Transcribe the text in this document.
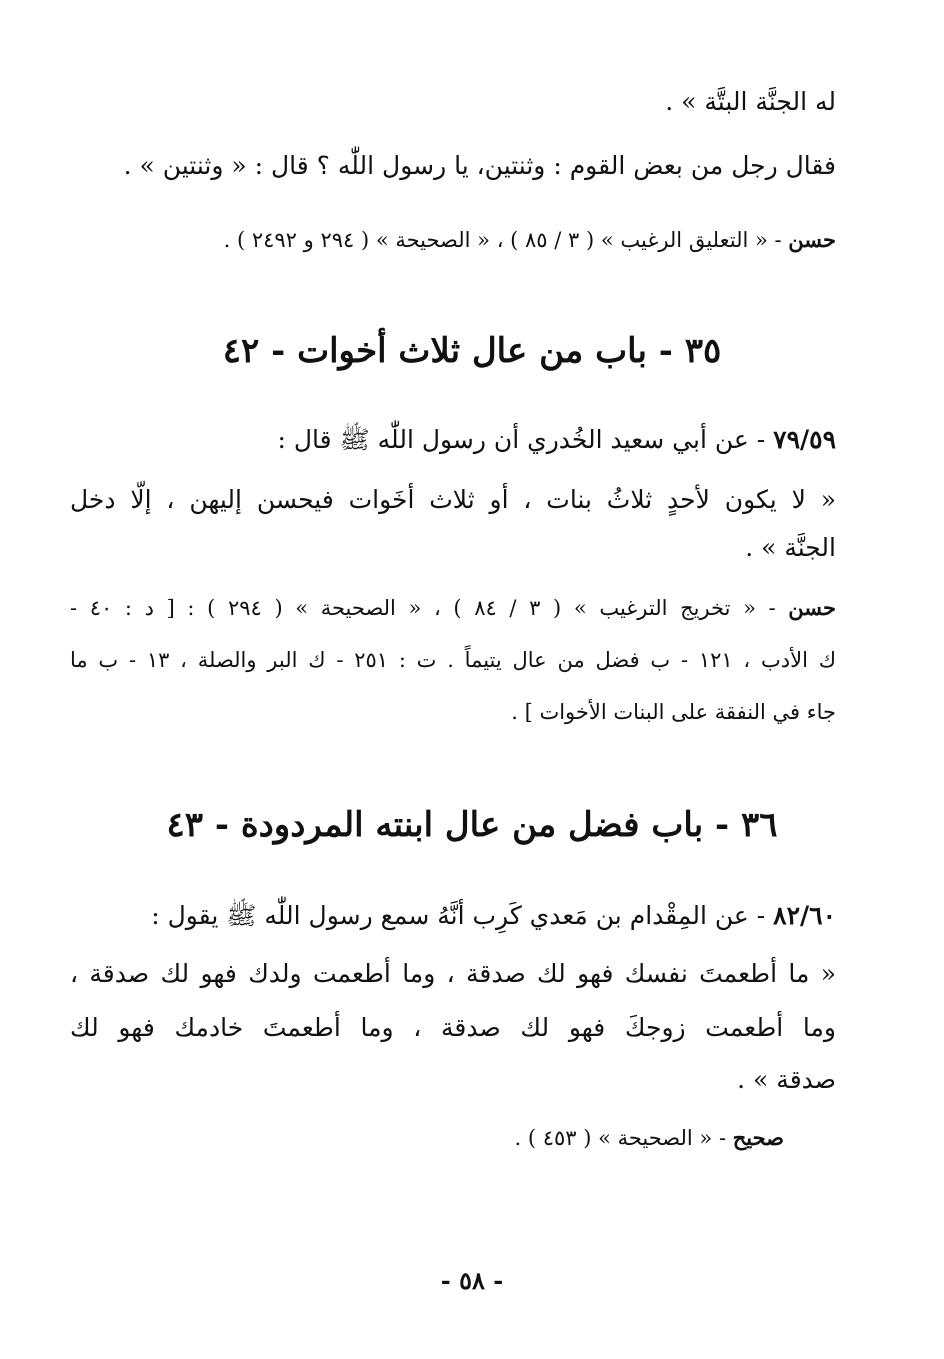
له الجنَّة البتَّة » .
فقال رجل من بعض القوم : وثنتين، يا رسول اللّٰه ؟ قال : « وثنتين » .
حسن - « التعليق الرغيب » ( ٣ / ٨٥ ) ، « الصحيحة » ( ٢٩٤ و ٢٤٩٢ ) .
٣٥ - باب من عال ثلاث أخوات - ٤٢
٧٩/٥٩ - عن أبي سعيد الخُدري أن رسول اللّٰه ﷺ قال :
« لا يكون لأحدٍ ثلاثُ بنات ، أو ثلاث أخَوات فيحسن إليهن ، إلّا دخل
الجنَّة » .
حسن - « تخريج الترغيب » ( ٣ / ٨٤ ) ، « الصحيحة » ( ٢٩٤ ) : [ د : ٤٠ -
ك الأدب ، ١٢١ - ب فضل من عال يتيماً . ت : ٢٥١ - ك البر والصلة ، ١٣ - ب ما
جاء في النفقة على البنات الأخوات ] .
٣٦ - باب فضل من عال ابنته المردودة - ٤٣
٨٢/٦٠ - عن المِقْدام بن مَعدي كَرِب أنَّهُ سمع رسول اللّٰه ﷺ يقول :
« ما أطعمتَ نفسك فهو لك صدقة ، وما أطعمت ولدك فهو لك صدقة ،
وما أطعمت زوجكَ فهو لك صدقة ، وما أطعمتَ خادمك فهو لك
صدقة » .
صحيح - « الصحيحة » ( ٤٥٣ ) .
- ٥٨ -
